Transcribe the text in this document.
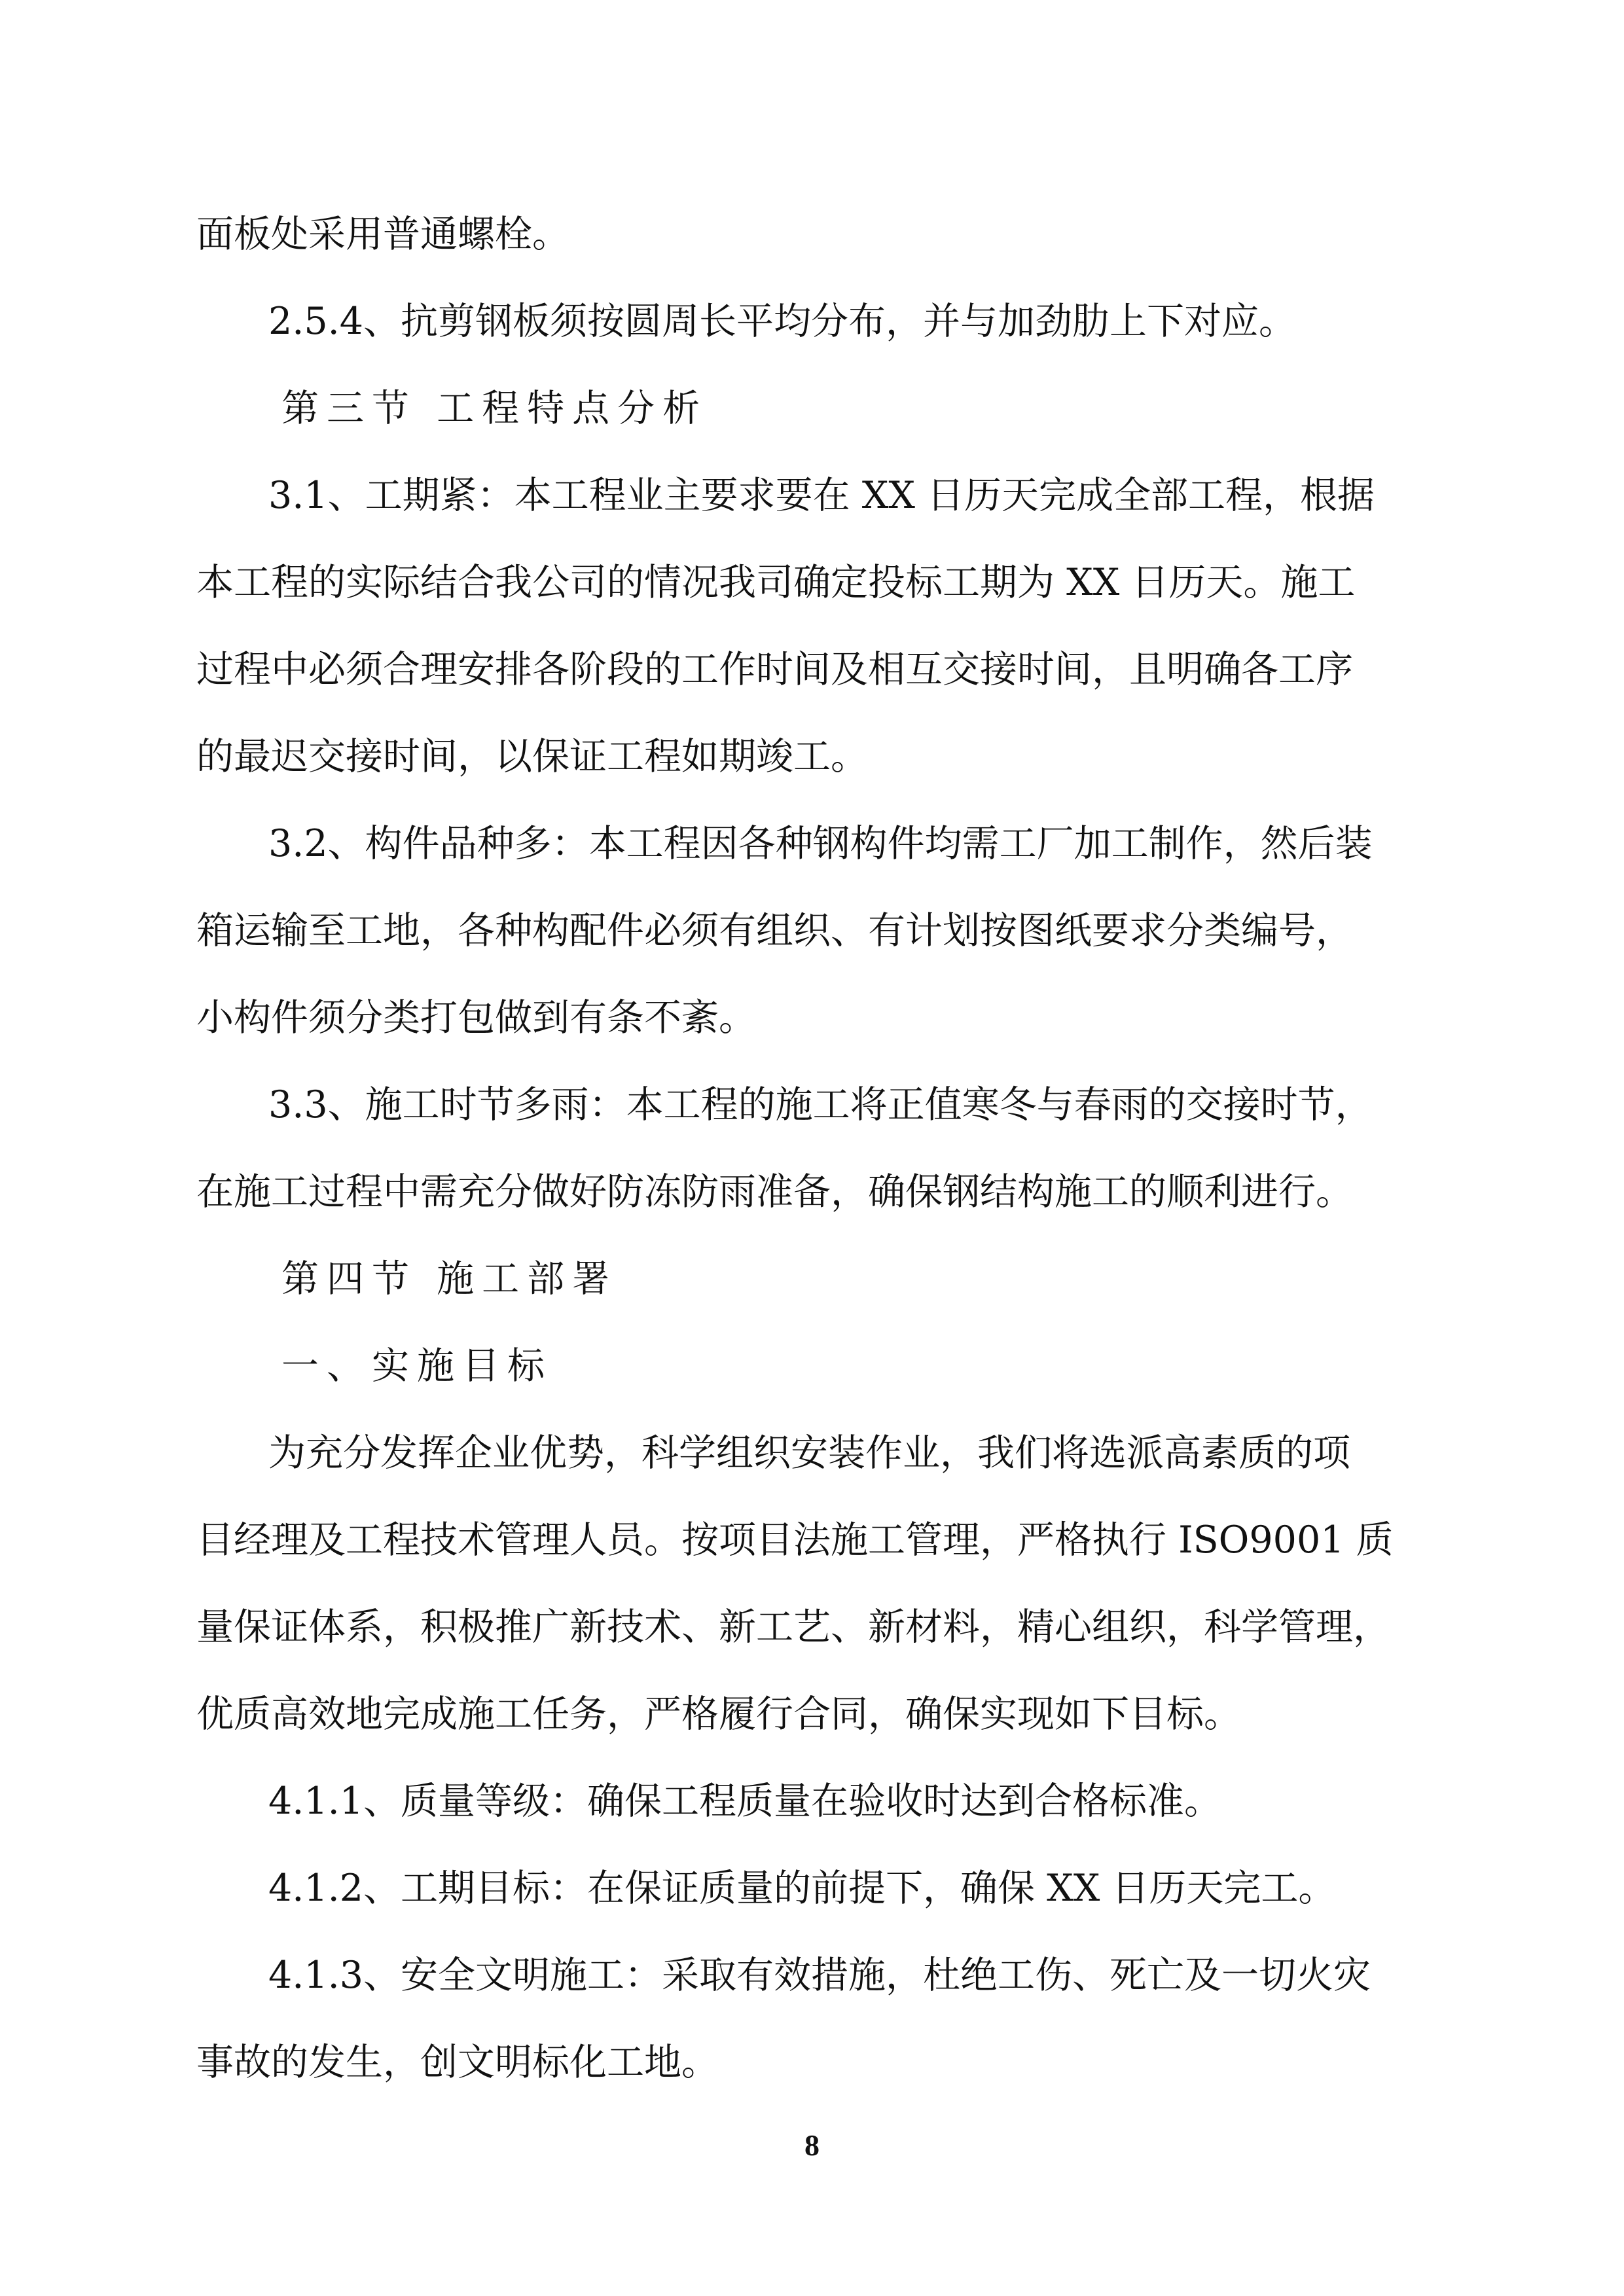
面板处采用普通螺栓。
2.5.4、抗剪钢板须按圆周长平均分布，并与加劲肋上下对应。
第三节 工程特点分析
3.1、工期紧：本工程业主要求要在 XX 日历天完成全部工程，根据
本工程的实际结合我公司的情况我司确定投标工期为 XX 日历天。施工
过程中必须合理安排各阶段的工作时间及相互交接时间，且明确各工序
的最迟交接时间，以保证工程如期竣工。
3.2、构件品种多：本工程因各种钢构件均需工厂加工制作，然后装
箱运输至工地，各种构配件必须有组织、有计划按图纸要求分类编号，
小构件须分类打包做到有条不紊。
3.3、施工时节多雨：本工程的施工将正值寒冬与春雨的交接时节，
在施工过程中需充分做好防冻防雨准备，确保钢结构施工的顺利进行。
第四节 施工部署
一、实施目标
为充分发挥企业优势，科学组织安装作业，我们将选派高素质的项
目经理及工程技术管理人员。按项目法施工管理，严格执行 ISO9001 质
量保证体系，积极推广新技术、新工艺、新材料，精心组织，科学管理，
优质高效地完成施工任务，严格履行合同，确保实现如下目标。
4.1.1、质量等级：确保工程质量在验收时达到合格标准。
4.1.2、工期目标：在保证质量的前提下，确保 XX 日历天完工。
4.1.3、安全文明施工：采取有效措施，杜绝工伤、死亡及一切火灾
事故的发生，创文明标化工地。
8
